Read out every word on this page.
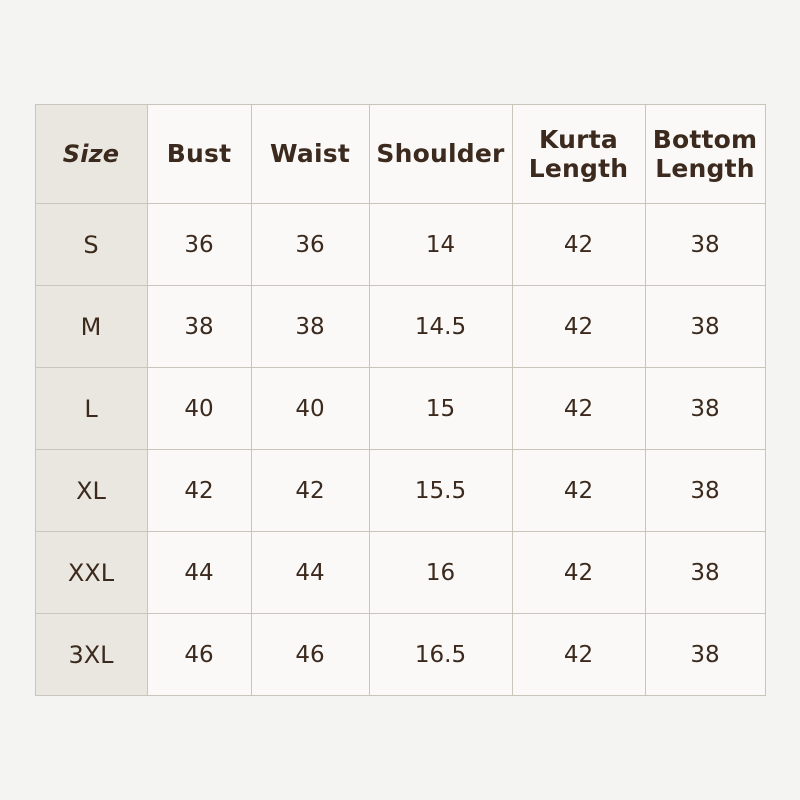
Size	Bust	Waist	Shoulder	Kurta Length	Bottom Length
S	36	36	14	42	38
M	38	38	14.5	42	38
L	40	40	15	42	38
XL	42	42	15.5	42	38
XXL	44	44	16	42	38
3XL	46	46	16.5	42	38
